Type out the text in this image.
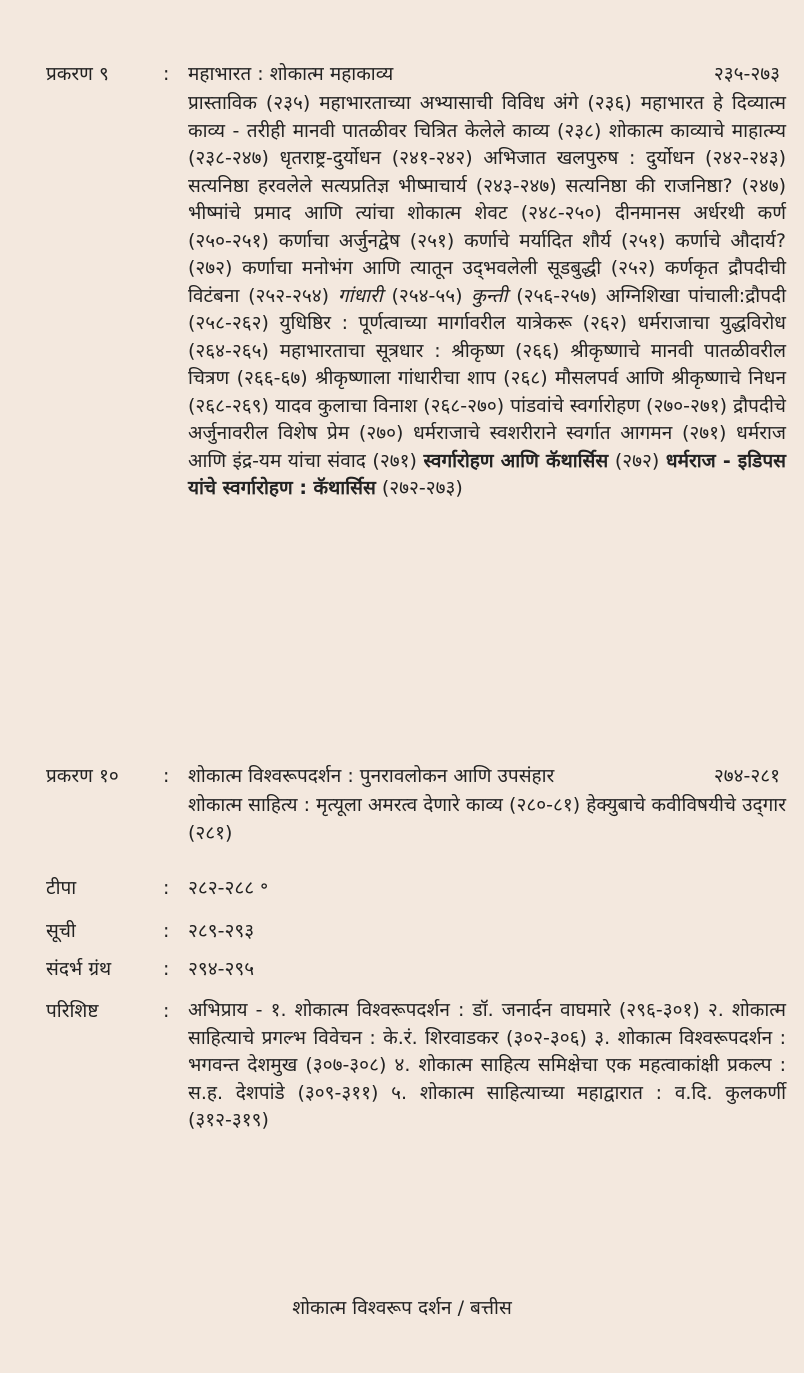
प्रकरण ९	: महाभारत : शोकात्म महाकाव्य	२३५-२७३
प्रास्ताविक (२३५) महाभारताच्या अभ्यासाची विविध अंगे (२३६) महाभारत हे दिव्यात्म काव्य - तरीही मानवी पातळीवर चित्रित केलेले काव्य (२३८) शोकात्म काव्याचे माहात्म्य (२३८-२४७) धृतराष्ट्र-दुर्योधन (२४१-२४२) अभिजात खलपुरुष : दुर्योधन (२४२-२४३) सत्यनिष्ठा हरवलेले सत्यप्रतिज्ञ भीष्माचार्य (२४३-२४७) सत्यनिष्ठा की राजनिष्ठा? (२४७) भीष्मांचे प्रमाद आणि त्यांचा शोकात्म शेवट (२४८-२५०) दीनमानस अर्धरथी कर्ण (२५०-२५१) कर्णाचा अर्जुनद्वेष (२५१) कर्णाचे मर्यादित शौर्य (२५१) कर्णाचे औदार्य? (२७२) कर्णाचा मनोभंग आणि त्यातून उद्‌भवलेली सूडबुद्धी (२५२) कर्णकृत द्रौपदीची विटंबना (२५२-२५४) गांधारी (२५४-५५) कुन्ती (२५६-२५७) अग्निशिखा पांचाली:द्रौपदी (२५८-२६२) युधिष्ठिर : पूर्णत्वाच्या मार्गावरील यात्रेकरू (२६२) धर्मराजाचा युद्धविरोध (२६४-२६५) महाभारताचा सूत्रधार : श्रीकृष्ण (२६६) श्रीकृष्णाचे मानवी पातळीवरील चित्रण (२६६-६७) श्रीकृष्णाला गांधारीचा शाप (२६८) मौसलपर्व आणि श्रीकृष्णाचे निधन (२६८-२६९) यादव कुलाचा विनाश (२६८-२७०) पांडवांचे स्वर्गारोहण (२७०-२७१) द्रौपदीचे अर्जुनावरील विशेष प्रेम (२७०) धर्मराजाचे स्वशरीराने स्वर्गात आगमन (२७१) धर्मराज आणि इंद्र-यम यांचा संवाद (२७१) स्वर्गारोहण आणि कॅथार्सिस (२७२) धर्मराज - इडिपस यांचे स्वर्गारोहण : कॅथार्सिस (२७२-२७३)
प्रकरण १० : शोकात्म विश्वरूपदर्शन : पुनरावलोकन आणि उपसंहार	२७४-२८१
शोकात्म साहित्य : मृत्यूला अमरत्व देणारे काव्य (२८०-८१) हेक्युबाचे कवीविषयीचे उद्‌गार (२८१)
टीपा	: २८२-२८८ ॰
सूची	: २८९-२९३
संदर्भ ग्रंथ	: २९४-२९५
परिशिष्ट	: अभिप्राय - १. शोकात्म विश्वरूपदर्शन : डॉ. जनार्दन वाघमारे (२९६-३०१) २. शोकात्म साहित्याचे प्रगल्भ विवेचन : के.रं. शिरवाडकर (३०२-३०६) ३. शोकात्म विश्वरूपदर्शन : भगवन्त देशमुख (३०७-३०८) ४. शोकात्म साहित्य समिक्षेचा एक महत्वाकांक्षी प्रकल्प : स.ह. देशपांडे (३०९-३११) ५. शोकात्म साहित्याच्या महाद्वारात : व.दि. कुलकर्णी (३१२-३१९)
शोकात्म विश्वरूप दर्शन / बत्तीस
